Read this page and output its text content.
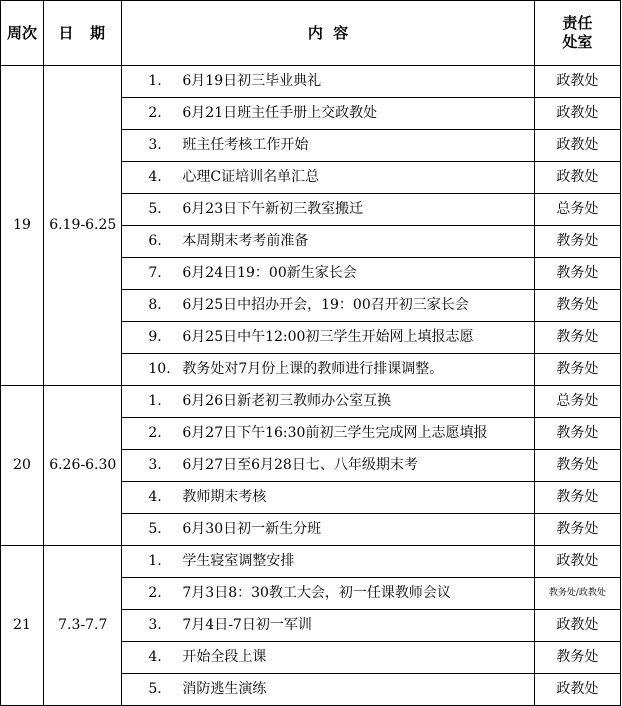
周次	日  期	内  容	责任处室
19	6.19-6.25	1. 6月19日初三毕业典礼	政教处
		2. 6月21日班主任手册上交政教处	政教处
		3. 班主任考核工作开始	政教处
		4. 心理C证培训名单汇总	政教处
		5. 6月23日下午新初三教室搬迁	总务处
		6. 本周期末考考前准备	教务处
		7. 6月24日19：00新生家长会	教务处
		8. 6月25日中招办开会，19：00召开初三家长会	教务处
		9. 6月25日中午12:00初三学生开始网上填报志愿	教务处
		10. 教务处对7月份上课的教师进行排课调整。	教务处
20	6.26-6.30	1. 6月26日新老初三教师办公室互换	总务处
		2. 6月27日下午16:30前初三学生完成网上志愿填报	教务处
		3. 6月27日至6月28日七、八年级期末考	教务处
		4. 教师期末考核	教务处
		5. 6月30日初一新生分班	教务处
21	7.3-7.7	1. 学生寝室调整安排	政教处
		2. 7月3日8：30教工大会，初一任课教师会议	教务处/政教处
		3. 7月4日-7日初一军训	政教处
		4. 开始全段上课	教务处
		5. 消防逃生演练	政教处
